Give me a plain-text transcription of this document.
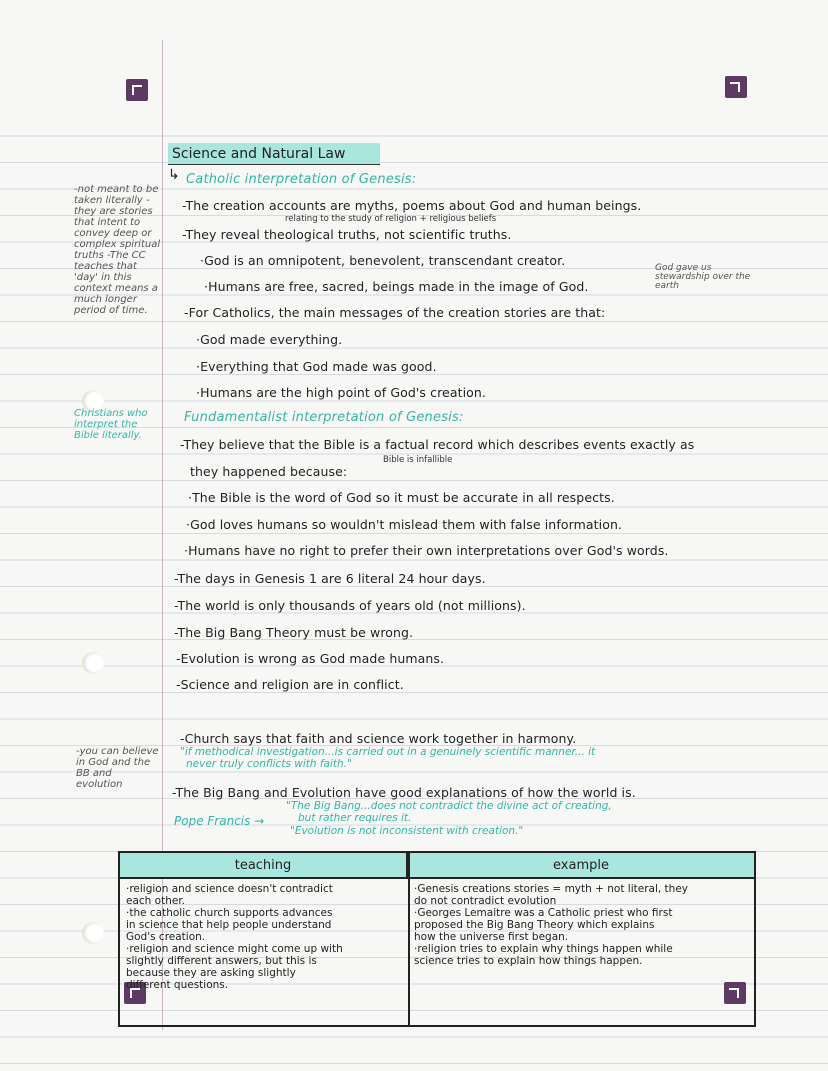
Science and Natural Law
↳ Catholic interpretation of Genesis:
-The creation accounts are myths, poems about God and human beings.
relating to the study of religion + religious beliefs
-They reveal theological truths, not scientific truths.
·God is an omnipotent, benevolent, transcendant creator.
·Humans are free, sacred, beings made in the image of God.
God gave us stewardship over the earth
-For Catholics, the main messages of the creation stories are that:
·God made everything.
·Everything that God made was good.
·Humans are the high point of God's creation.
Fundamentalist interpretation of Genesis:
-They believe that the Bible is a factual record which describes events exactly as
Bible is infallible
they happened because:
·The Bible is the word of God so it must be accurate in all respects.
·God loves humans so wouldn't mislead them with false information.
·Humans have no right to prefer their own interpretations over God's words.
-The days in Genesis 1 are 6 literal 24 hour days.
-The world is only thousands of years old (not millions).
-The Big Bang Theory must be wrong.
-Evolution is wrong as God made humans.
-Science and religion are in conflict.
-Church says that faith and science work together in harmony.
"if methodical investigation...is carried out in a genuinely scientific manner... it
never truly conflicts with faith."
-The Big Bang and Evolution have good explanations of how the world is.
"The Big Bang...does not contradict the divine act of creating,
Pope Francis →	but rather requires it.
"Evolution is not inconsistent with creation."
-not meant to be taken literally -they are stories that intent to convey deep or complex spiritual truths -The CC teaches that 'day' in this context means a much longer period of time.
Christians who interpret the Bible literally.
-you can believe in God and the BB and evolution
teaching	example
·religion and science doesn't contradict
each other.
·the catholic church supports advances
in science that help people understand
God's creation.
·religion and science might come up with
slightly different answers, but this is
because they are asking slightly
different questions.
·Genesis creations stories = myth + not literal, they
do not contradict evolution
·Georges Lemaitre was a Catholic priest who first
proposed the Big Bang Theory which explains
how the universe first began.
·religion tries to explain why things happen while
science tries to explain how things happen.
